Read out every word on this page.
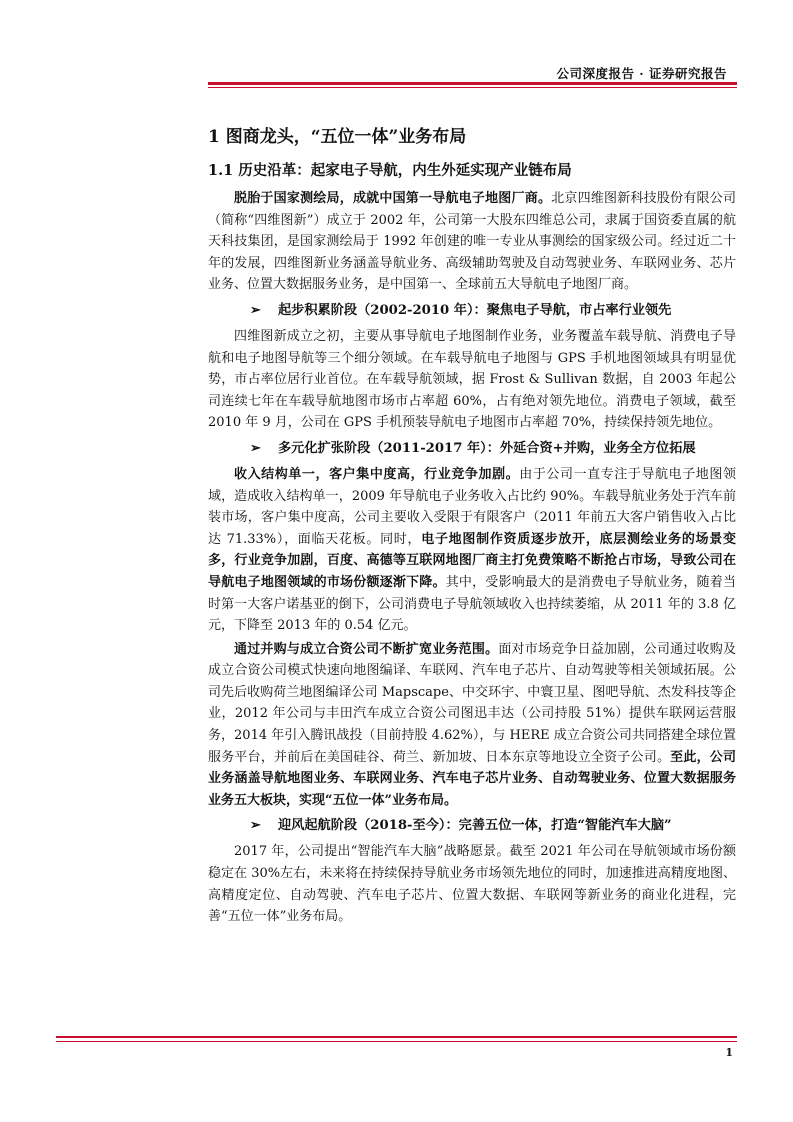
公司深度报告 · 证券研究报告
1 图商龙头，“五位一体”业务布局
1.1 历史沿革：起家电子导航，内生外延实现产业链布局

脱胎于国家测绘局，成就中国第一导航电子地图厂商。北京四维图新科技股份有限公司（简称“四维图新”）成立于 2002 年，公司第一大股东四维总公司，隶属于国资委直属的航天科技集团，是国家测绘局于 1992 年创建的唯一专业从事测绘的国家级公司。经过近二十年的发展，四维图新业务涵盖导航业务、高级辅助驾驶及自动驾驶业务、车联网业务、芯片业务、位置大数据服务业务，是中国第一、全球前五大导航电子地图厂商。

➢ 起步积累阶段（2002-2010 年）：聚焦电子导航，市占率行业领先

四维图新成立之初，主要从事导航电子地图制作业务，业务覆盖车载导航、消费电子导航和电子地图导航等三个细分领域。在车载导航电子地图与 GPS 手机地图领域具有明显优势，市占率位居行业首位。在车载导航领域，据 Frost & Sullivan 数据，自 2003 年起公司连续七年在车载导航地图市场市占率超 60%，占有绝对领先地位。消费电子领域，截至 2010 年 9 月，公司在 GPS 手机预装导航电子地图市占率超 70%，持续保持领先地位。

➢ 多元化扩张阶段（2011-2017 年）：外延合资+并购，业务全方位拓展

收入结构单一，客户集中度高，行业竞争加剧。由于公司一直专注于导航电子地图领域，造成收入结构单一，2009 年导航电子业务收入占比约 90%。车载导航业务处于汽车前装市场，客户集中度高，公司主要收入受限于有限客户（2011 年前五大客户销售收入占比达 71.33%），面临天花板。同时，电子地图制作资质逐步放开，底层测绘业务的场景变多，行业竞争加剧，百度、高德等互联网地图厂商主打免费策略不断抢占市场，导致公司在导航电子地图领域的市场份额逐渐下降。其中，受影响最大的是消费电子导航业务，随着当时第一大客户诺基亚的倒下，公司消费电子导航领域收入也持续萎缩，从 2011 年的 3.8 亿元，下降至 2013 年的 0.54 亿元。

通过并购与成立合资公司不断扩宽业务范围。面对市场竞争日益加剧，公司通过收购及成立合资公司模式快速向地图编译、车联网、汽车电子芯片、自动驾驶等相关领域拓展。公司先后收购荷兰地图编译公司 Mapscape、中交环宇、中寰卫星、图吧导航、杰发科技等企业，2012 年公司与丰田汽车成立合资公司图迅丰达（公司持股 51%）提供车联网运营服务，2014 年引入腾讯战投（目前持股 4.62%），与 HERE 成立合资公司共同搭建全球位置服务平台，并前后在美国硅谷、荷兰、新加坡、日本东京等地设立全资子公司。至此，公司业务涵盖导航地图业务、车联网业务、汽车电子芯片业务、自动驾驶业务、位置大数据服务业务五大板块，实现“五位一体”业务布局。

➢ 迎风起航阶段（2018-至今）：完善五位一体，打造“智能汽车大脑”

2017 年，公司提出“智能汽车大脑”战略愿景。截至 2021 年公司在导航领域市场份额稳定在 30%左右，未来将在持续保持导航业务市场领先地位的同时，加速推进高精度地图、高精度定位、自动驾驶、汽车电子芯片、位置大数据、车联网等新业务的商业化进程，完善“五位一体”业务布局。

1
